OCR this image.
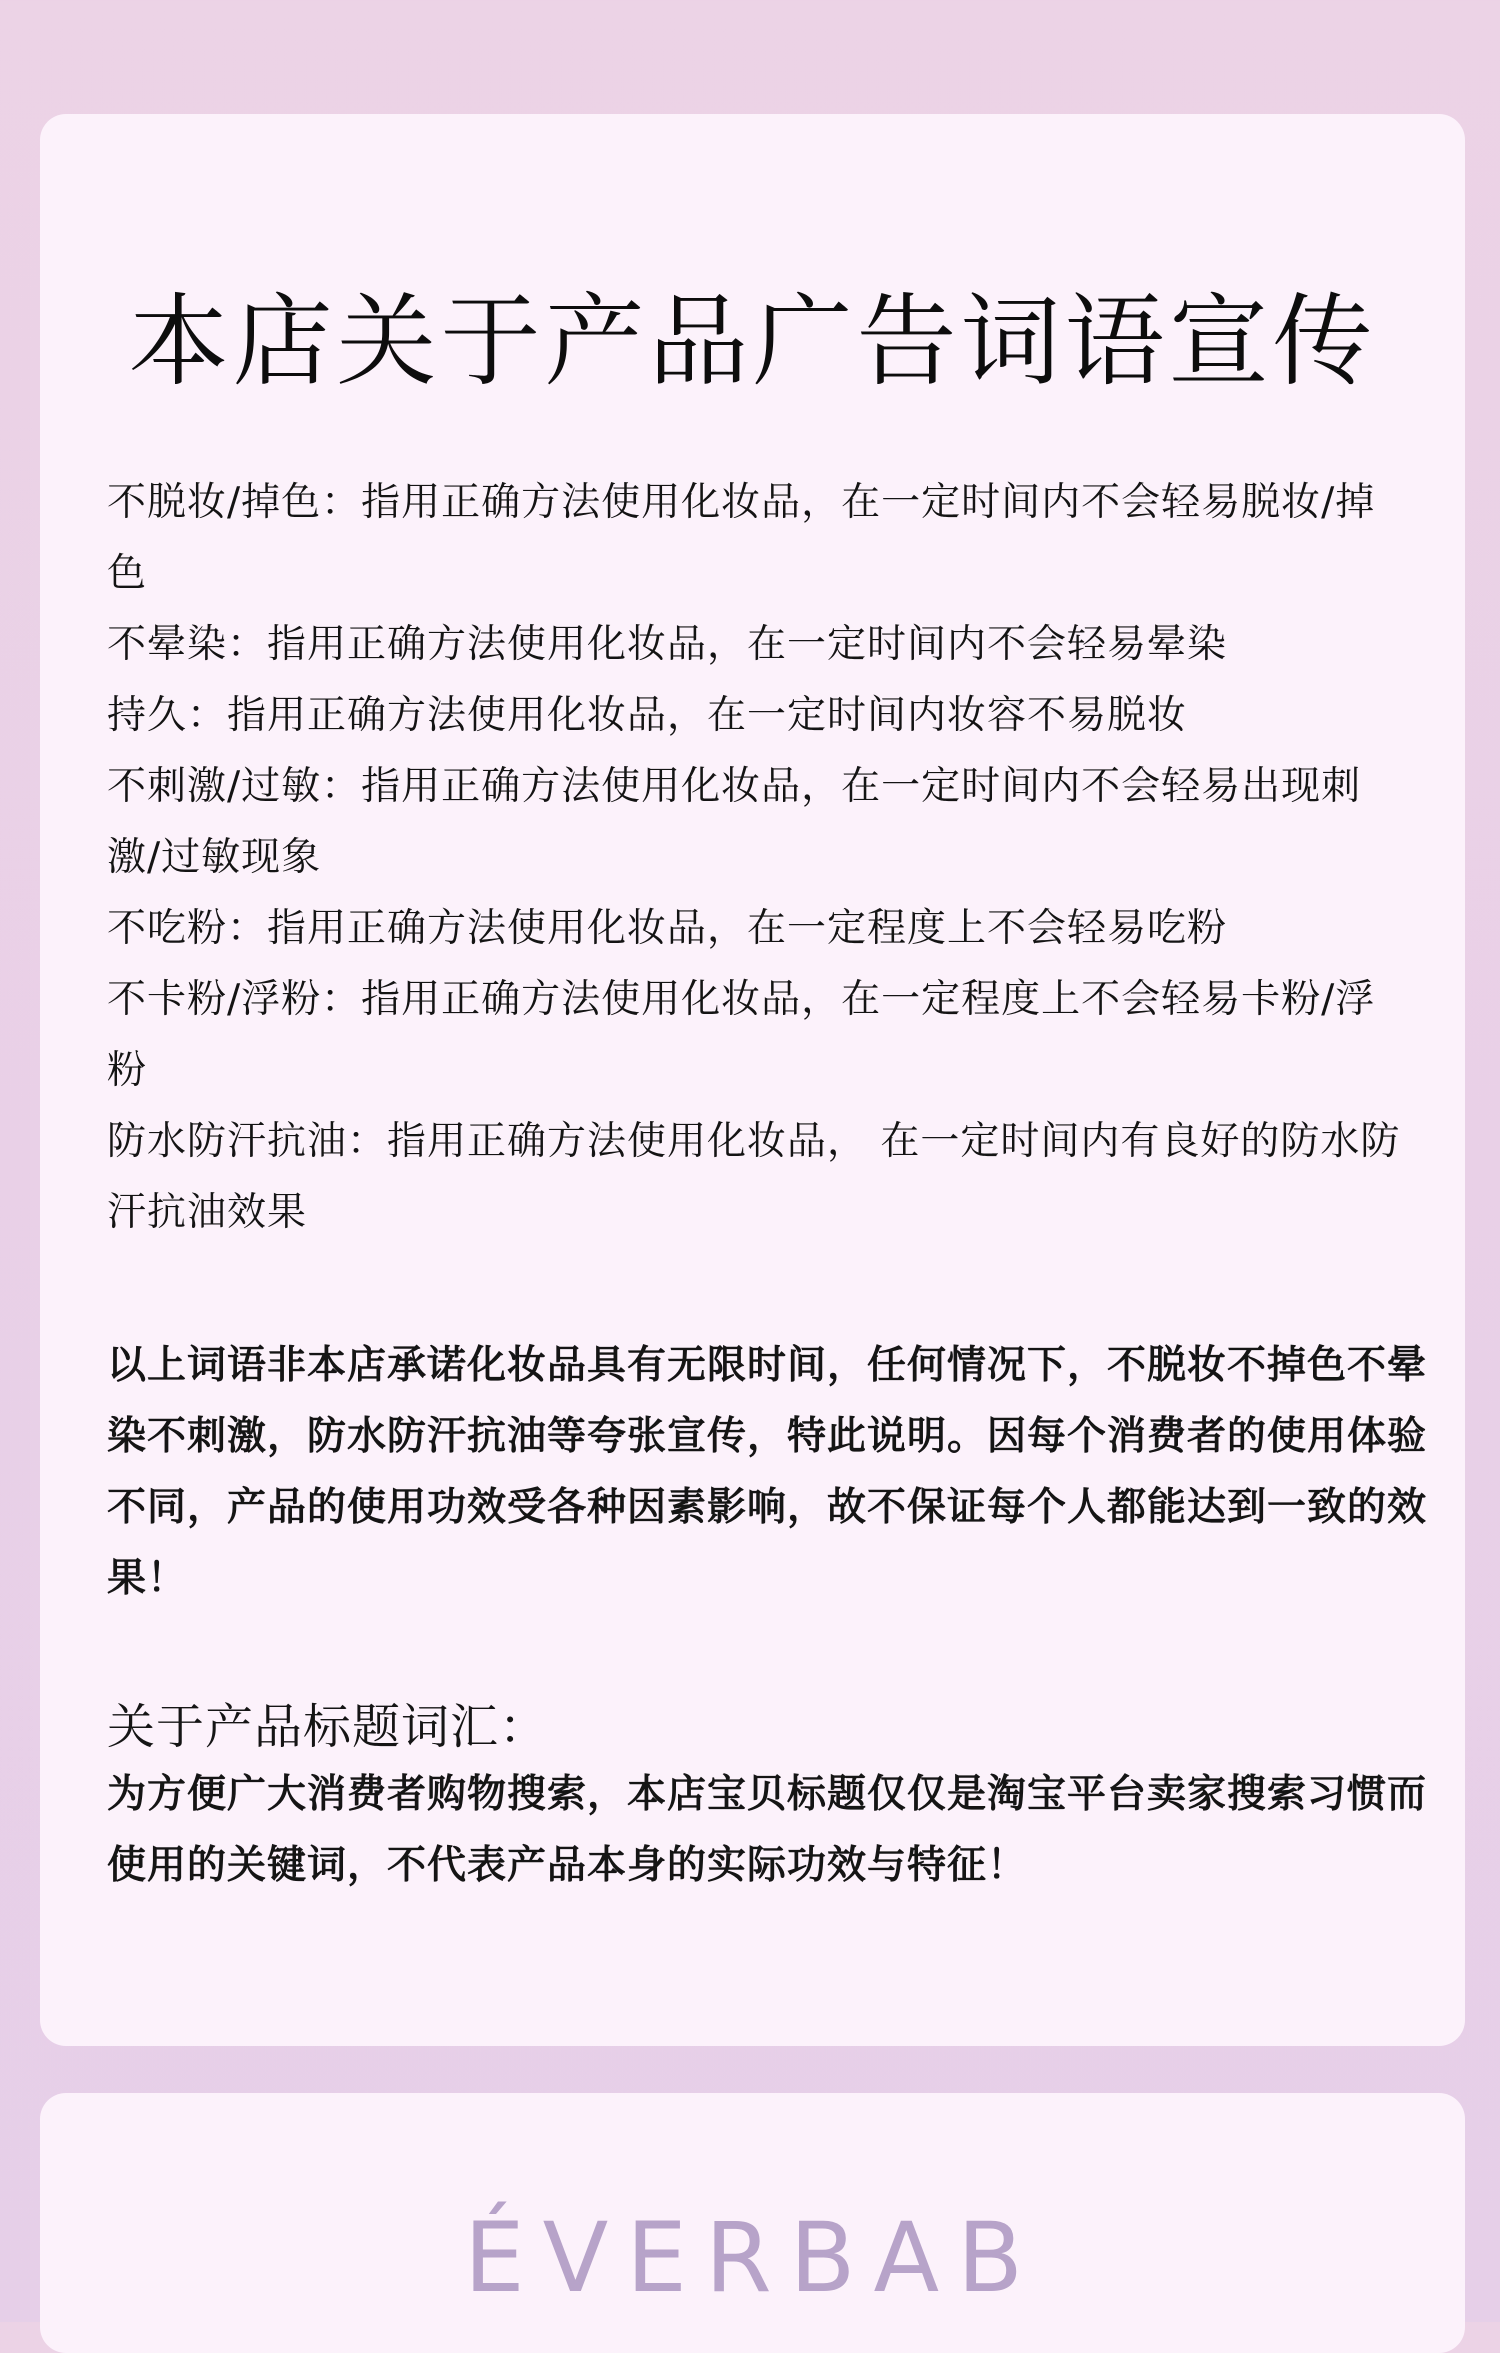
本店关于产品广告词语宣传
不脱妆/掉色：指用正确方法使用化妆品，在一定时间内不会轻易脱妆/掉色
不晕染：指用正确方法使用化妆品，在一定时间内不会轻易晕染
持久：指用正确方法使用化妆品，在一定时间内妆容不易脱妆
不刺激/过敏：指用正确方法使用化妆品，在一定时间内不会轻易出现刺激/过敏现象
不吃粉：指用正确方法使用化妆品，在一定程度上不会轻易吃粉
不卡粉/浮粉：指用正确方法使用化妆品，在一定程度上不会轻易卡粉/浮粉
防水防汗抗油：指用正确方法使用化妆品， 在一定时间内有良好的防水防汗抗油效果

以上词语非本店承诺化妆品具有无限时间，任何情况下，不脱妆不掉色不晕染不刺激，防水防汗抗油等夸张宣传，特此说明。因每个消费者的使用体验不同，产品的使用功效受各种因素影响，故不保证每个人都能达到一致的效果！

关于产品标题词汇：

为方便广大消费者购物搜索，本店宝贝标题仅仅是淘宝平台卖家搜索习惯而使用的关键词，不代表产品本身的实际功效与特征！

ÉVERBAB
